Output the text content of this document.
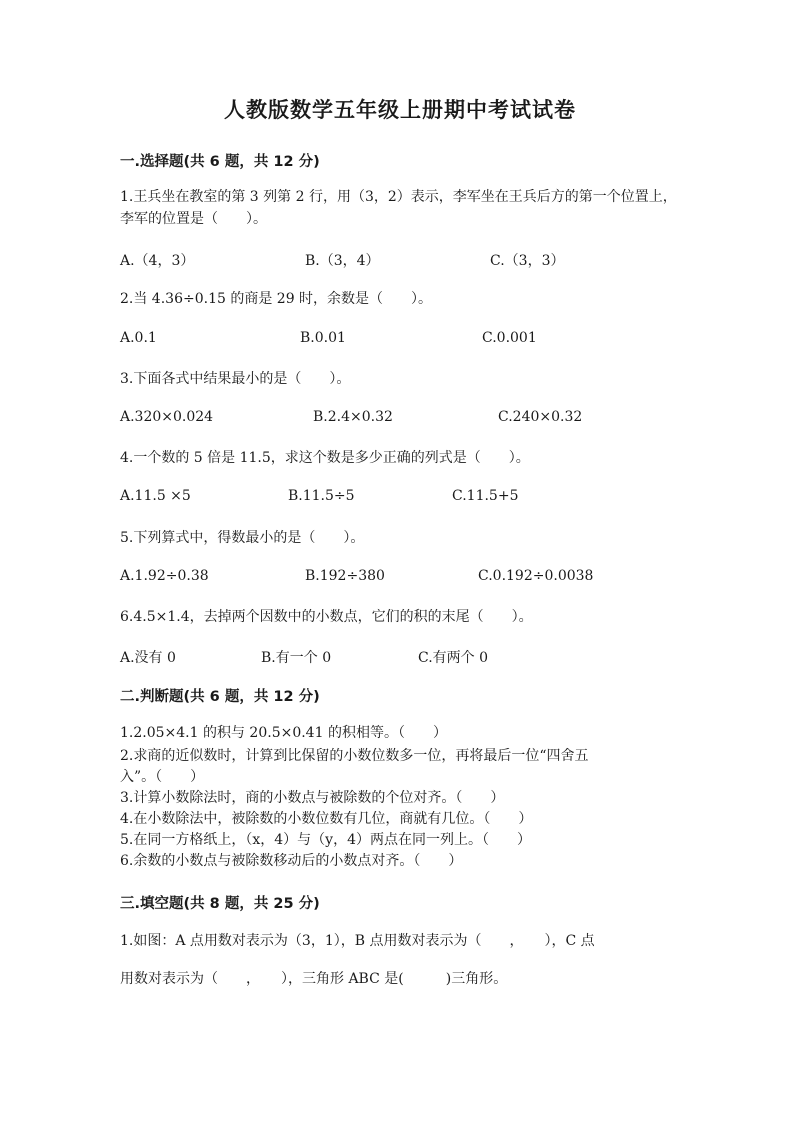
人教版数学五年级上册期中考试试卷
一.选择题(共 6 题，共 12 分)
1.王兵坐在教室的第 3 列第 2 行，用（3，2）表示，李军坐在王兵后方的第一个位置上，李军的位置是（　　）。
A.（4，3）	B.（3，4）	C.（3，3）
2.当 4.36÷0.15 的商是 29 时，余数是（　　）。
A.0.1	B.0.01	C.0.001
3.下面各式中结果最小的是（　　）。
A.320×0.024	B.2.4×0.32	C.240×0.32
4.一个数的 5 倍是 11.5，求这个数是多少正确的列式是（　　）。
A.11.5 ×5	B.11.5÷5	C.11.5+5
5.下列算式中，得数最小的是（　　）。
A.1.92÷0.38	B.192÷380	C.0.192÷0.0038
6.4.5×1.4，去掉两个因数中的小数点，它们的积的末尾（　　）。
A.没有 0	B.有一个 0	C.有两个 0
二.判断题(共 6 题，共 12 分)
1.2.05×4.1 的积与 20.5×0.41 的积相等。（　　）
2.求商的近似数时，计算到比保留的小数位数多一位，再将最后一位“四舍五
入”。（　　）
3.计算小数除法时，商的小数点与被除数的个位对齐。（　　）
4.在小数除法中，被除数的小数位数有几位，商就有几位。（　　）
5.在同一方格纸上，（x，4）与（y，4）两点在同一列上。（　　）
6.余数的小数点与被除数移动后的小数点对齐。（　　）
三.填空题(共 8 题，共 25 分)
1.如图：A 点用数对表示为（3，1），B 点用数对表示为（　　，　　），C 点
用数对表示为（　　，　　），三角形 ABC 是(　　　)三角形。
